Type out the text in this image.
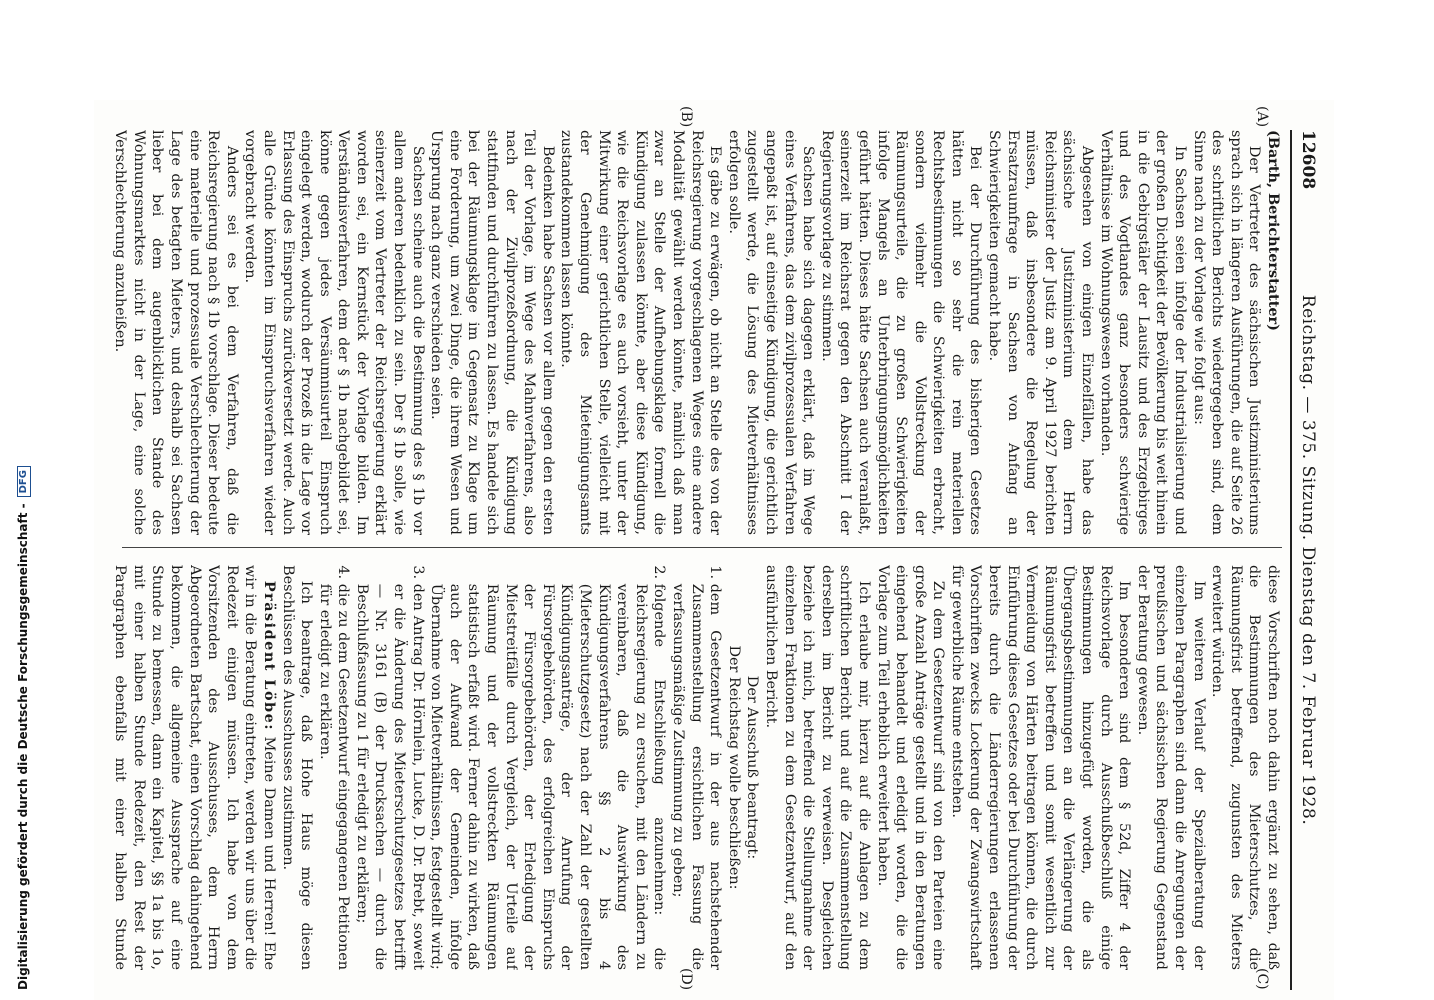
12608
Reichstag. — 375. Sitzung. Dienstag den 7. Februar 1928.
(A)
(B)
(C)
(D)

(Barth, Berichterstatter)

Der Vertreter des sächsischen Justizministeriums sprach sich in längeren Ausführungen, die auf Seite 26 des schriftlichen Berichts wiedergegeben sind, dem Sinne nach zu der Vorlage wie folgt aus:

In Sachsen seien infolge der Industrialisierung und der großen Dichtigkeit der Bevölkerung bis weit hinein in die Gebirgstäler der Lausitz und des Erzgebirges und des Vogtlandes ganz besonders schwierige Verhältnisse im Wohnungswesen vorhanden.

Abgesehen von einigen Einzelfällen, habe das sächsische Justizministerium dem Herrn Reichsminister der Justiz am 9. April 1927 berichten müssen, daß insbesondere die Regelung der Ersatzraumfrage in Sachsen von Anfang an Schwierigkeiten gemacht habe.

Bei der Durchführung des bisherigen Gesetzes hätten nicht so sehr die rein materiellen Rechtsbestimmungen die Schwierigkeiten erbracht, sondern vielmehr die Vollstreckung der Räumungsurteile, die zu großen Schwierigkeiten infolge Mangels an Unterbringungsmöglichkeiten geführt hätten. Dieses hätte Sachsen auch veranlaßt, seinerzeit im Reichsrat gegen den Abschnitt I der Regierungsvorlage zu stimmen.

Sachsen habe sich dagegen erklärt, daß im Wege eines Verfahrens, das dem zivilprozessualen Verfahren angepaßt ist, auf einseitige Kündigung, die gerichtlich zugestellt werde, die Lösung des Mietverhältnisses erfolgen solle.

Es gäbe zu erwägen, ob nicht an Stelle des von der Reichsregierung vorgeschlagenen Weges eine andere Modalität gewählt werden könnte, nämlich daß man zwar an Stelle der Aufhebungsklage formell die Kündigung zulassen könnte, aber diese Kündigung, wie die Reichsvorlage es auch vorsieht, unter der Mitwirkung einer gerichtlichen Stelle, vielleicht mit der Genehmigung des Mieteinigungsamts zustandekommen lassen könnte.

Bedenken habe Sachsen vor allem gegen den ersten Teil der Vorlage, im Wege des Mahnverfahrens, also nach der Zivilprozeßordnung, die Kündigung stattfinden und durchführen zu lassen. Es handele sich bei der Räumungsklage im Gegensatz zu Klage um eine Forderung, um zwei Dinge, die ihrem Wesen und Ursprung nach ganz verschieden seien.

Sachsen scheine auch die Bestimmung des § 1b vor allem anderen bedenklich zu sein. Der § 1b solle, wie seinerzeit vom Vertreter der Reichsregierung erklärt worden sei, ein Kernstück der Vorlage bilden. Im Verständnisverfahren, dem der § 1b nachgebildet sei, könne gegen jedes Versäumnisurteil Einspruch eingelegt werden, wodurch der Prozeß in die Lage vor Erlassung des Einspruchs zurückversetzt werde. Auch alle Gründe könnten im Einspruchsverfahren wieder vorgebracht werden.

Anders sei es bei dem Verfahren, daß die Reichsregierung nach § 1b vorschlage. Dieser bedeute eine materielle und prozessuale Verschlechterung der Lage des betagten Mieters, und deshalb sei Sachsen lieber bei dem augenblicklichen Stande des Wohnungsmarktes nicht in der Lage, eine solche Verschlechterung anzuheißen.

diese Vorschriften noch dahin ergänzt zu sehen, daß die Bestimmungen des Mieterschutzes, die Räumungsfrist betreffend, zugunsten des Mieters erweitert würden.

Im weiteren Verlauf der Spezialberatung der einzelnen Paragraphen sind dann die Anregungen der preußischen und sächsischen Regierung Gegenstand der Beratung gewesen.

Im besonderen sind dem § 52d, Ziffer 4 der Reichsvorlage durch Ausschußbeschluß einige Bestimmungen hinzugefügt worden, die als Übergangsbestimmungen an die Verlängerung der Räumungsfrist betreffen und somit wesentlich zur Vermeidung von Härten beitragen können, die durch Einführung dieses Gesetzes oder bei Durchführung der bereits durch die Länderregierungen erlassenen Vorschriften zwecks Lockerung der Zwangswirtschaft für gewerbliche Räume entstehen.

Zu dem Gesetzentwurf sind von den Parteien eine große Anzahl Anträge gestellt und in den Beratungen eingehend behandelt und erledigt worden, die die Vorlage zum Teil erheblich erweitert haben.

Ich erlaube mir, hierzu auf die Anlagen zu dem schriftlichen Bericht und auf die Zusammenstellung derselben im Bericht zu verweisen. Desgleichen beziehe ich mich, betreffend die Stellungnahme der einzelnen Fraktionen zu dem Gesetzentwurf, auf den ausführlichen Bericht.

Der Ausschuß beantragt:

Der Reichstag wolle beschließen:

1. dem Gesetzentwurf in der aus nachstehender Zusammenstellung ersichtlichen Fassung die verfassungsmäßige Zustimmung zu geben;
2. folgende Entschließung anzunehmen: die Reichsregierung zu ersuchen, mit den Ländern zu vereinbaren, daß die Auswirkung des Kündigungsverfahrens §§ 2 bis 4 (Mieterschutzgesetz) nach der Zahl der gestellten Kündigungsanträge, der Anrufung der Fürsorgebehörden, des erfolgreichen Einspruchs der Fürsorgebehörden, der Erledigung der Mietstreitfälle durch Vergleich, der Urteile auf Räumung und der vollstreckten Räumungen statistisch erfaßt wird. Ferner dahin zu wirken, daß auch der Aufwand der Gemeinden, infolge Übernahme von Mietverhältnissen, festgestellt wird;
3. den Antrag Dr. Hörnlein, Lucke, D. Dr. Brebt, soweit er die Änderung des Mieterschutzgesetzes betrifft — Nr. 3161 (B) der Drucksachen — durch die Beschlußfassung zu 1 für erledigt zu erklären;
4. die zu dem Gesetzentwurf eingegangenen Petitionen für erledigt zu erklären.

Ich beantrage, daß Hohe Haus möge diesen Beschlüssen des Ausschusses zustimmen.

Präsident Löbe: Meine Damen und Herren! Ehe wir in die Beratung eintreten, werden wir uns über die Redezeit einigen müssen. Ich habe von dem Vorsitzenden des Ausschusses, dem Herrn Abgeordneten Bartschat, einen Vorschlag dahingehend bekommen, die allgemeine Aussprache auf eine Stunde zu bemessen, dann ein Kapitel, §§ 1a bis 1o, mit einer halben Stunde Redezeit, den Rest der Paragraphen ebenfalls mit einer halben Stunde

Digitalisierung gefördert durch die Deutsche Forschungsgemeinschaft -DFG
